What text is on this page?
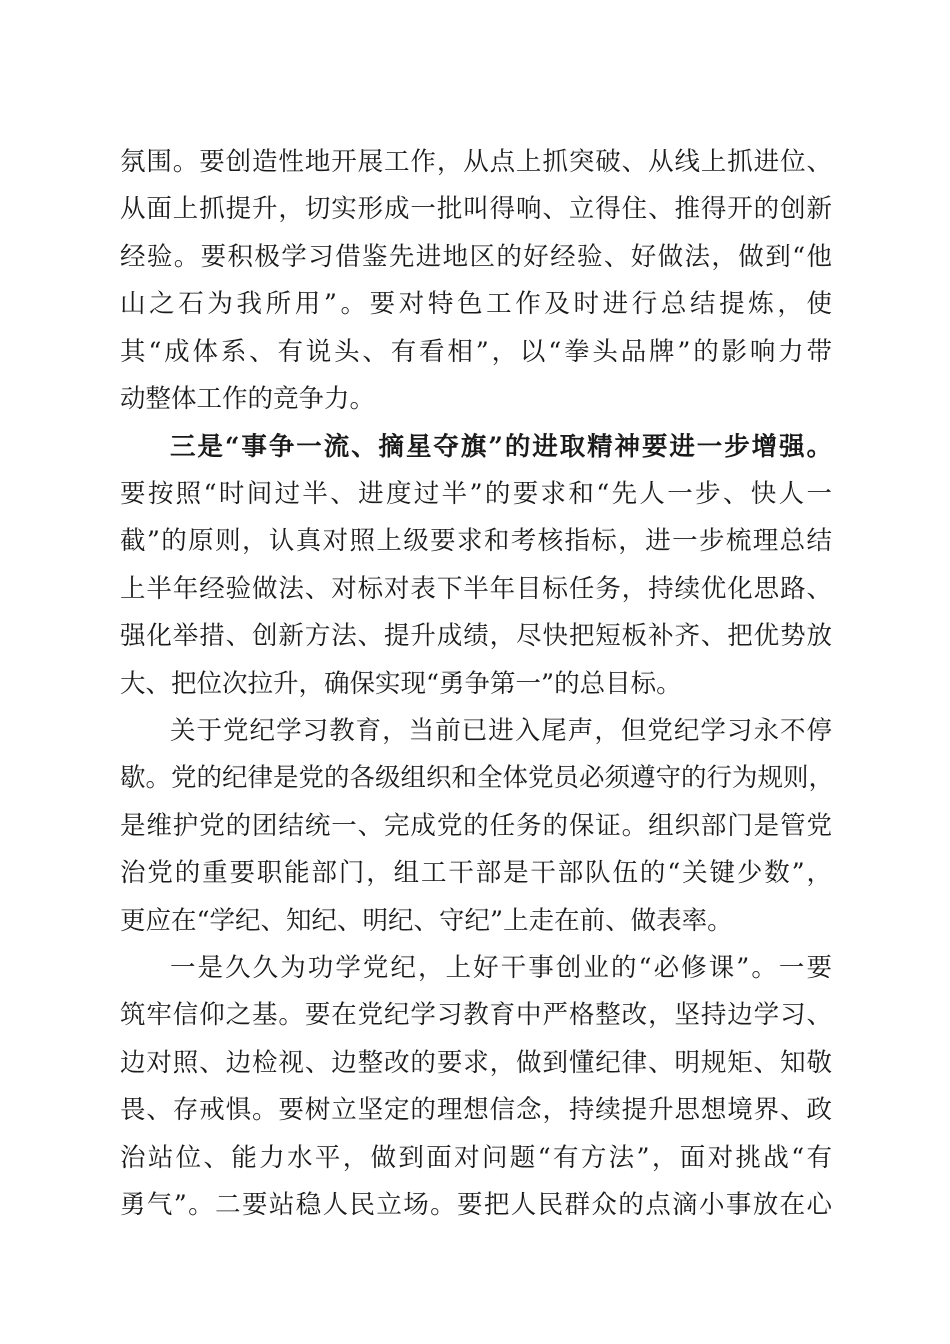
氛围。要创造性地开展工作，从点上抓突破、从线上抓进位、
从面上抓提升，切实形成一批叫得响、立得住、推得开的创新
经验。要积极学习借鉴先进地区的好经验、好做法，做到“他
山之石为我所用”。要对特色工作及时进行总结提炼，使
其“成体系、有说头、有看相”，以“拳头品牌”的影响力带
动整体工作的竞争力。
三是“事争一流、摘星夺旗”的进取精神要进一步增强。
要按照“时间过半、进度过半”的要求和“先人一步、快人一
截”的原则，认真对照上级要求和考核指标，进一步梳理总结
上半年经验做法、对标对表下半年目标任务，持续优化思路、
强化举措、创新方法、提升成绩，尽快把短板补齐、把优势放
大、把位次拉升，确保实现“勇争第一”的总目标。
关于党纪学习教育，当前已进入尾声，但党纪学习永不停
歇。党的纪律是党的各级组织和全体党员必须遵守的行为规则，
是维护党的团结统一、完成党的任务的保证。组织部门是管党
治党的重要职能部门，组工干部是干部队伍的“关键少数”，
更应在“学纪、知纪、明纪、守纪”上走在前、做表率。
一是久久为功学党纪，上好干事创业的“必修课”。一要
筑牢信仰之基。要在党纪学习教育中严格整改，坚持边学习、
边对照、边检视、边整改的要求，做到懂纪律、明规矩、知敬
畏、存戒惧。要树立坚定的理想信念，持续提升思想境界、政
治站位、能力水平，做到面对问题“有方法”，面对挑战“有
勇气”。二要站稳人民立场。要把人民群众的点滴小事放在心
